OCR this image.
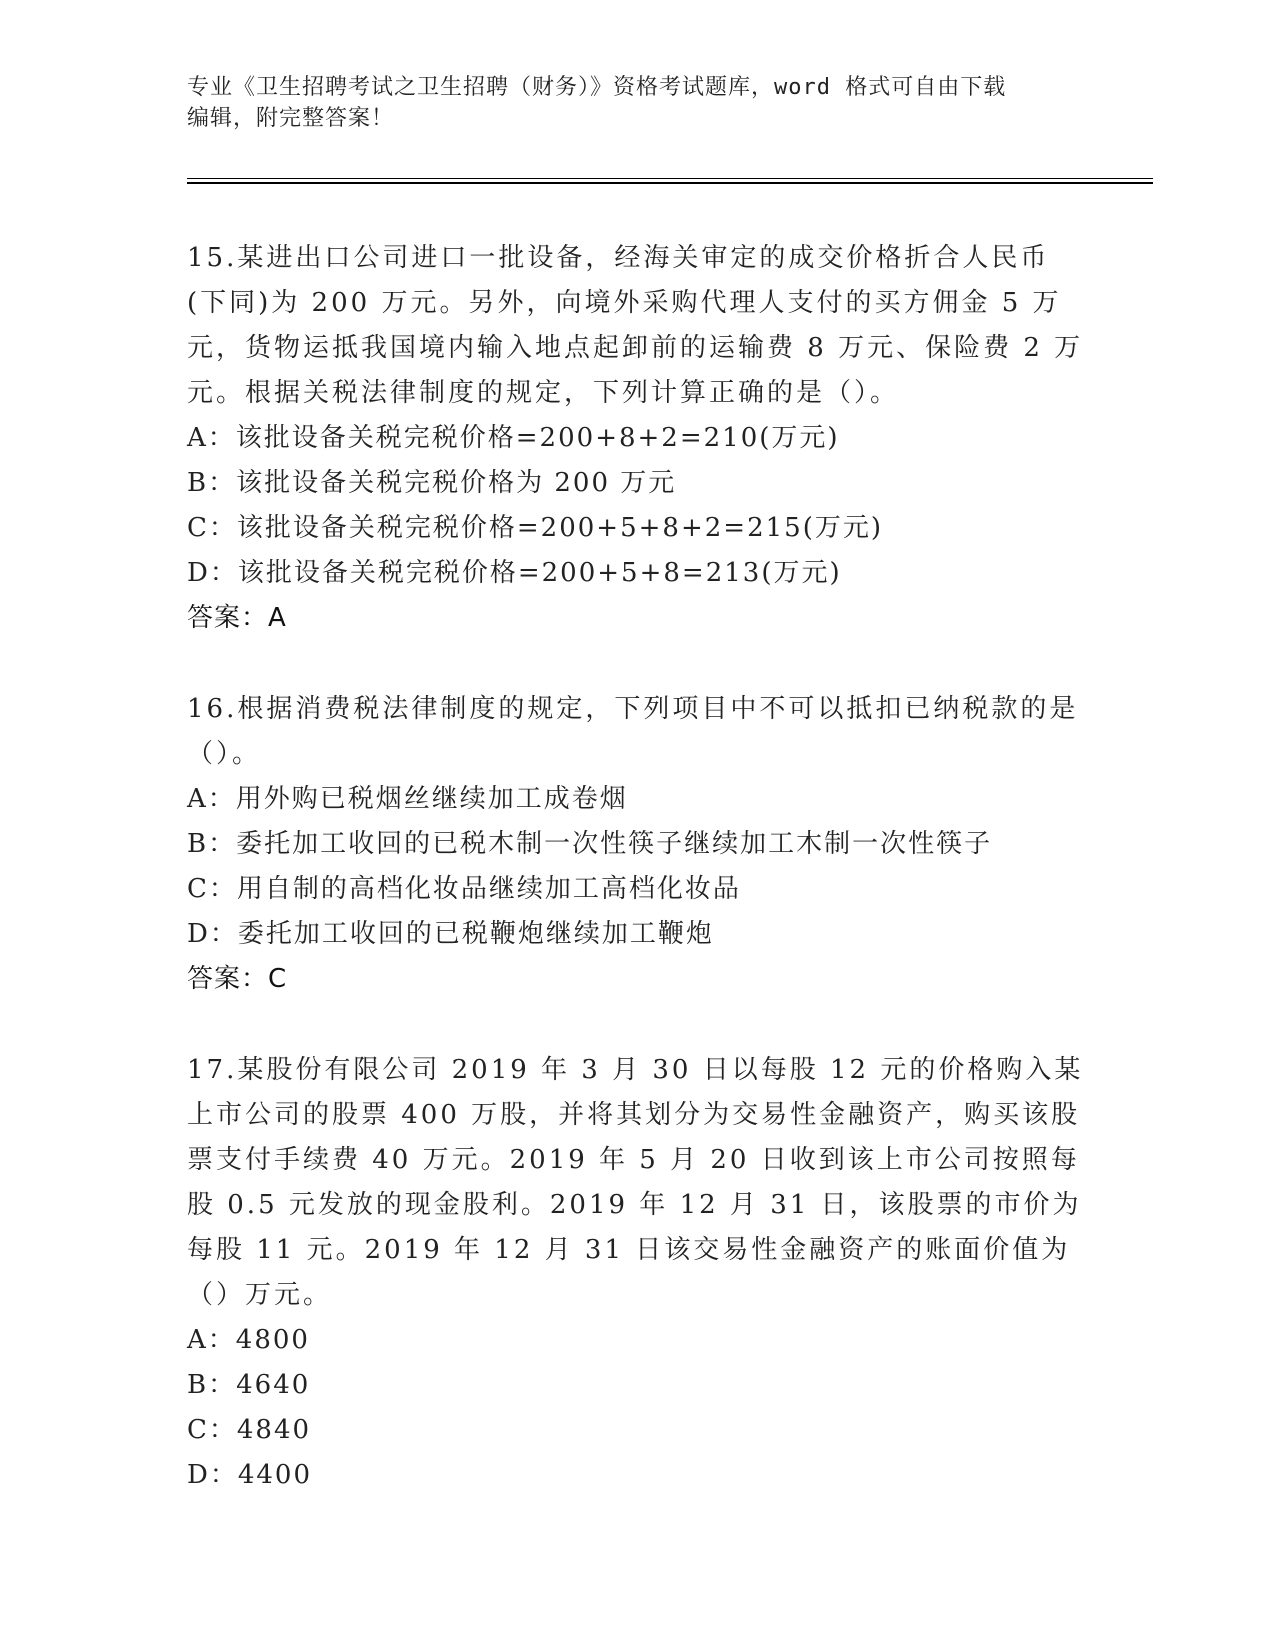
专业《卫生招聘考试之卫生招聘（财务）》资格考试题库，word 格式可自由下载
编辑，附完整答案！
15.某进出口公司进口一批设备，经海关审定的成交价格折合人民币(下同)为 200 万元。另外，向境外采购代理人支付的买方佣金 5 万元，货物运抵我国境内输入地点起卸前的运输费 8 万元、保险费 2 万元。根据关税法律制度的规定，下列计算正确的是（）。
A：该批设备关税完税价格=200+8+2=210(万元)
B：该批设备关税完税价格为 200 万元
C：该批设备关税完税价格=200+5+8+2=215(万元)
D：该批设备关税完税价格=200+5+8=213(万元)
答案：A
16.根据消费税法律制度的规定，下列项目中不可以抵扣已纳税款的是（）。
A：用外购已税烟丝继续加工成卷烟
B：委托加工收回的已税木制一次性筷子继续加工木制一次性筷子
C：用自制的高档化妆品继续加工高档化妆品
D：委托加工收回的已税鞭炮继续加工鞭炮
答案：C
17.某股份有限公司 2019 年 3 月 30 日以每股 12 元的价格购入某上市公司的股票 400 万股，并将其划分为交易性金融资产，购买该股票支付手续费 40 万元。2019 年 5 月 20 日收到该上市公司按照每股 0.5 元发放的现金股利。2019 年 12 月 31 日，该股票的市价为每股 11 元。2019 年 12 月 31 日该交易性金融资产的账面价值为（）万元。
A：4800
B：4640
C：4840
D：4400
